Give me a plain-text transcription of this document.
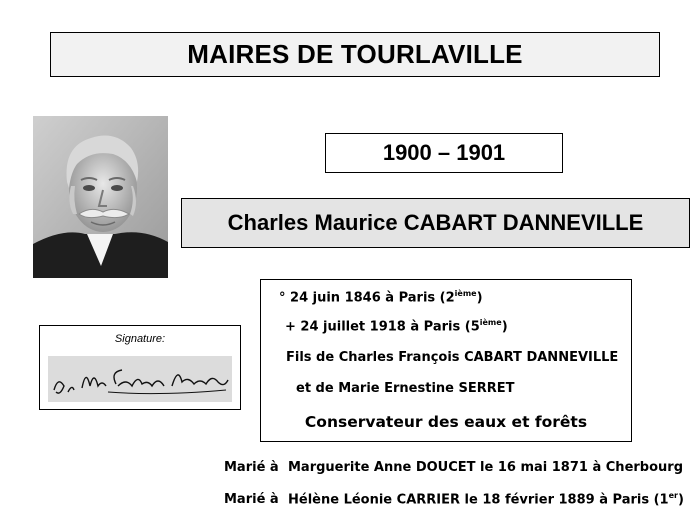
MAIRES DE TOURLAVILLE
1900 – 1901
Charles Maurice CABART DANNEVILLE
Signature:
° 24 juin 1846 à Paris (2ième)
+ 24 juillet 1918 à Paris (5ième)
Fils de Charles François CABART DANNEVILLE
et de Marie Ernestine SERRET
Conservateur des eaux et forêts
Marié à Marguerite Anne DOUCET le 16 mai 1871 à Cherbourg
Marié à Hélène Léonie CARRIER le 18 février 1889 à Paris (1er)
